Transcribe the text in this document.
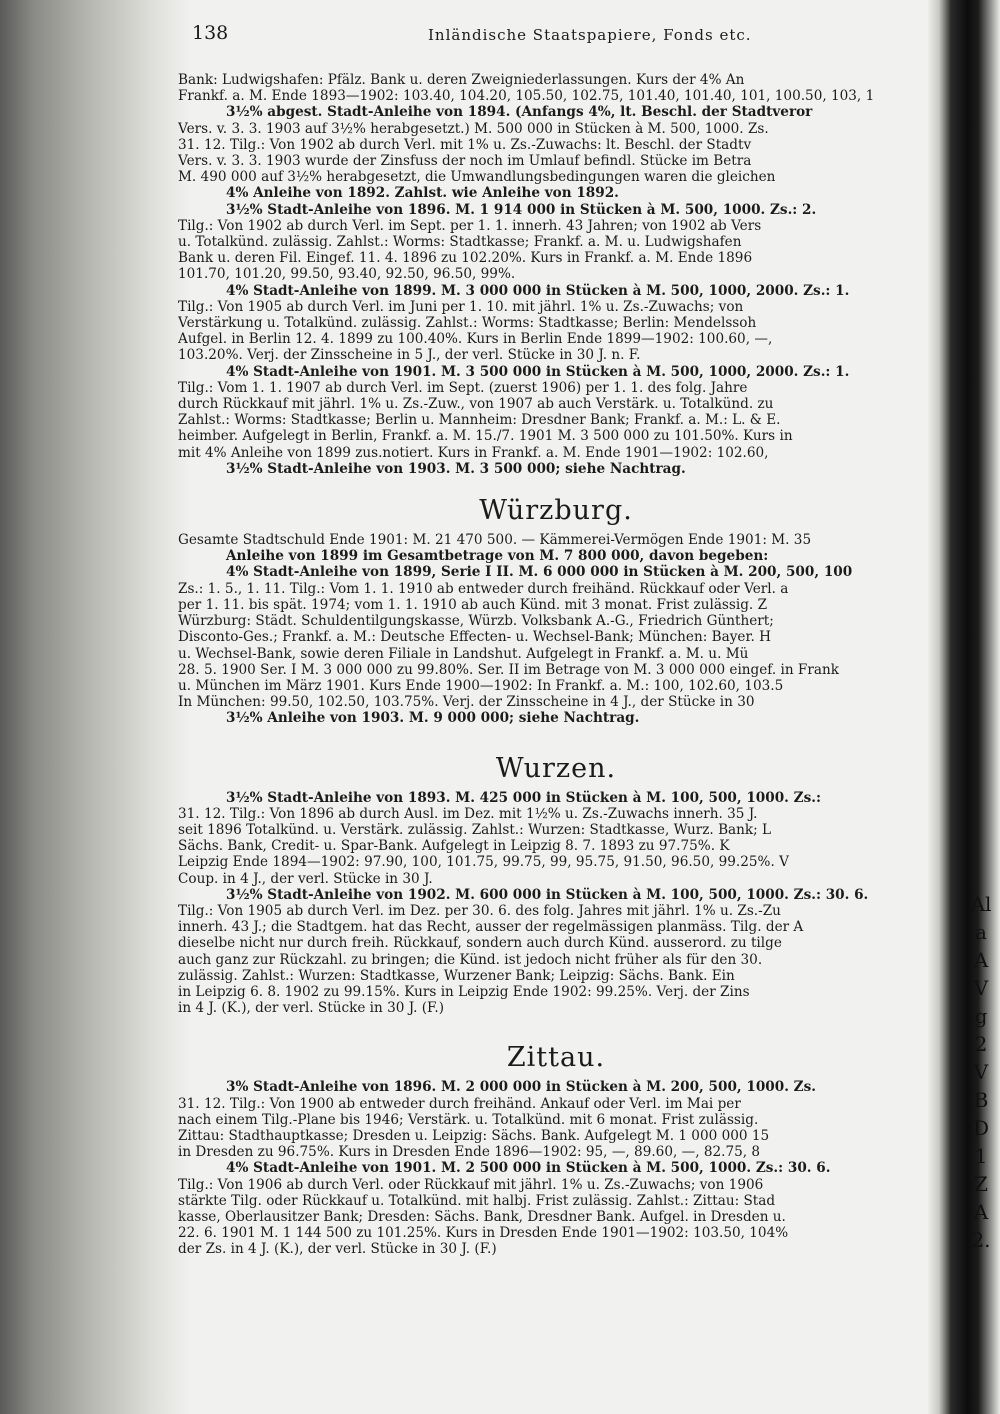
Al
a
A
V
g
2
V
B
D
1
Z
A
2.
138	Inländische Staatspapiere, Fonds etc.
Bank: Ludwigshafen: Pfälz. Bank u. deren Zweigniederlassungen. Kurs der 4% An
Frankf. a. M. Ende 1893—1902: 103.40, 104.20, 105.50, 102.75, 101.40, 101.40, 101, 100.50, 103, 1
3½% abgest. Stadt-Anleihe von 1894. (Anfangs 4%, lt. Beschl. der Stadtveror
Vers. v. 3. 3. 1903 auf 3½% herabgesetzt.) M. 500 000 in Stücken à M. 500, 1000. Zs.
31. 12. Tilg.: Von 1902 ab durch Verl. mit 1% u. Zs.-Zuwachs: lt. Beschl. der Stadtv
Vers. v. 3. 3. 1903 wurde der Zinsfuss der noch im Umlauf befindl. Stücke im Betra
M. 490 000 auf 3½% herabgesetzt, die Umwandlungsbedingungen waren die gleichen
4% Anleihe von 1892. Zahlst. wie Anleihe von 1892.
3½% Stadt-Anleihe von 1896. M. 1 914 000 in Stücken à M. 500, 1000. Zs.: 2.
Tilg.: Von 1902 ab durch Verl. im Sept. per 1. 1. innerh. 43 Jahren; von 1902 ab Vers
u. Totalkünd. zulässig. Zahlst.: Worms: Stadtkasse; Frankf. a. M. u. Ludwigshafen
Bank u. deren Fil. Eingef. 11. 4. 1896 zu 102.20%. Kurs in Frankf. a. M. Ende 1896
101.70, 101.20, 99.50, 93.40, 92.50, 96.50, 99%.
4% Stadt-Anleihe von 1899. M. 3 000 000 in Stücken à M. 500, 1000, 2000. Zs.: 1.
Tilg.: Von 1905 ab durch Verl. im Juni per 1. 10. mit jährl. 1% u. Zs.-Zuwachs; von
Verstärkung u. Totalkünd. zulässig. Zahlst.: Worms: Stadtkasse; Berlin: Mendelssoh
Aufgel. in Berlin 12. 4. 1899 zu 100.40%. Kurs in Berlin Ende 1899—1902: 100.60, —,
103.20%. Verj. der Zinsscheine in 5 J., der verl. Stücke in 30 J. n. F.
4% Stadt-Anleihe von 1901. M. 3 500 000 in Stücken à M. 500, 1000, 2000. Zs.: 1.
Tilg.: Vom 1. 1. 1907 ab durch Verl. im Sept. (zuerst 1906) per 1. 1. des folg. Jahre
durch Rückkauf mit jährl. 1% u. Zs.-Zuw., von 1907 ab auch Verstärk. u. Totalkünd. zu
Zahlst.: Worms: Stadtkasse; Berlin u. Mannheim: Dresdner Bank; Frankf. a. M.: L. & E.
heimber. Aufgelegt in Berlin, Frankf. a. M. 15./7. 1901 M. 3 500 000 zu 101.50%. Kurs in
mit 4% Anleihe von 1899 zus.notiert. Kurs in Frankf. a. M. Ende 1901—1902: 102.60,
3½% Stadt-Anleihe von 1903. M. 3 500 000; siehe Nachtrag.
Würzburg.
Gesamte Stadtschuld Ende 1901: M. 21 470 500. — Kämmerei-Vermögen Ende 1901: M. 35
Anleihe von 1899 im Gesamtbetrage von M. 7 800 000, davon begeben:
4% Stadt-Anleihe von 1899, Serie I II. M. 6 000 000 in Stücken à M. 200, 500, 100
Zs.: 1. 5., 1. 11. Tilg.: Vom 1. 1. 1910 ab entweder durch freihänd. Rückkauf oder Verl. a
per 1. 11. bis spät. 1974; vom 1. 1. 1910 ab auch Künd. mit 3 monat. Frist zulässig. Z
Würzburg: Städt. Schuldentilgungskasse, Würzb. Volksbank A.-G., Friedrich Günthert;
Disconto-Ges.; Frankf. a. M.: Deutsche Effecten- u. Wechsel-Bank; München: Bayer. H
u. Wechsel-Bank, sowie deren Filiale in Landshut. Aufgelegt in Frankf. a. M. u. Mü
28. 5. 1900 Ser. I M. 3 000 000 zu 99.80%. Ser. II im Betrage von M. 3 000 000 eingef. in Frank
u. München im März 1901. Kurs Ende 1900—1902: In Frankf. a. M.: 100, 102.60, 103.5
In München: 99.50, 102.50, 103.75%. Verj. der Zinsscheine in 4 J., der Stücke in 30
3½% Anleihe von 1903. M. 9 000 000; siehe Nachtrag.
Wurzen.
3½% Stadt-Anleihe von 1893. M. 425 000 in Stücken à M. 100, 500, 1000. Zs.:
31. 12. Tilg.: Von 1896 ab durch Ausl. im Dez. mit 1½% u. Zs.-Zuwachs innerh. 35 J.
seit 1896 Totalkünd. u. Verstärk. zulässig. Zahlst.: Wurzen: Stadtkasse, Wurz. Bank; L
Sächs. Bank, Credit- u. Spar-Bank. Aufgelegt in Leipzig 8. 7. 1893 zu 97.75%. K
Leipzig Ende 1894—1902: 97.90, 100, 101.75, 99.75, 99, 95.75, 91.50, 96.50, 99.25%. V
Coup. in 4 J., der verl. Stücke in 30 J.
3½% Stadt-Anleihe von 1902. M. 600 000 in Stücken à M. 100, 500, 1000. Zs.: 30. 6.
Tilg.: Von 1905 ab durch Verl. im Dez. per 30. 6. des folg. Jahres mit jährl. 1% u. Zs.-Zu
innerh. 43 J.; die Stadtgem. hat das Recht, ausser der regelmässigen planmäss. Tilg. der A
dieselbe nicht nur durch freih. Rückkauf, sondern auch durch Künd. ausserord. zu tilge
auch ganz zur Rückzahl. zu bringen; die Künd. ist jedoch nicht früher als für den 30.
zulässig. Zahlst.: Wurzen: Stadtkasse, Wurzener Bank; Leipzig: Sächs. Bank. Ein
in Leipzig 6. 8. 1902 zu 99.15%. Kurs in Leipzig Ende 1902: 99.25%. Verj. der Zins
in 4 J. (K.), der verl. Stücke in 30 J. (F.)
Zittau.
3% Stadt-Anleihe von 1896. M. 2 000 000 in Stücken à M. 200, 500, 1000. Zs.
31. 12. Tilg.: Von 1900 ab entweder durch freihänd. Ankauf oder Verl. im Mai per
nach einem Tilg.-Plane bis 1946; Verstärk. u. Totalkünd. mit 6 monat. Frist zulässig.
Zittau: Stadthauptkasse; Dresden u. Leipzig: Sächs. Bank. Aufgelegt M. 1 000 000 15
in Dresden zu 96.75%. Kurs in Dresden Ende 1896—1902: 95, —, 89.60, —, 82.75, 8
4% Stadt-Anleihe von 1901. M. 2 500 000 in Stücken à M. 500, 1000. Zs.: 30. 6.
Tilg.: Von 1906 ab durch Verl. oder Rückkauf mit jährl. 1% u. Zs.-Zuwachs; von 1906
stärkte Tilg. oder Rückkauf u. Totalkünd. mit halbj. Frist zulässig. Zahlst.: Zittau: Stad
kasse, Oberlausitzer Bank; Dresden: Sächs. Bank, Dresdner Bank. Aufgel. in Dresden u.
22. 6. 1901 M. 1 144 500 zu 101.25%. Kurs in Dresden Ende 1901—1902: 103.50, 104%
der Zs. in 4 J. (K.), der verl. Stücke in 30 J. (F.)
